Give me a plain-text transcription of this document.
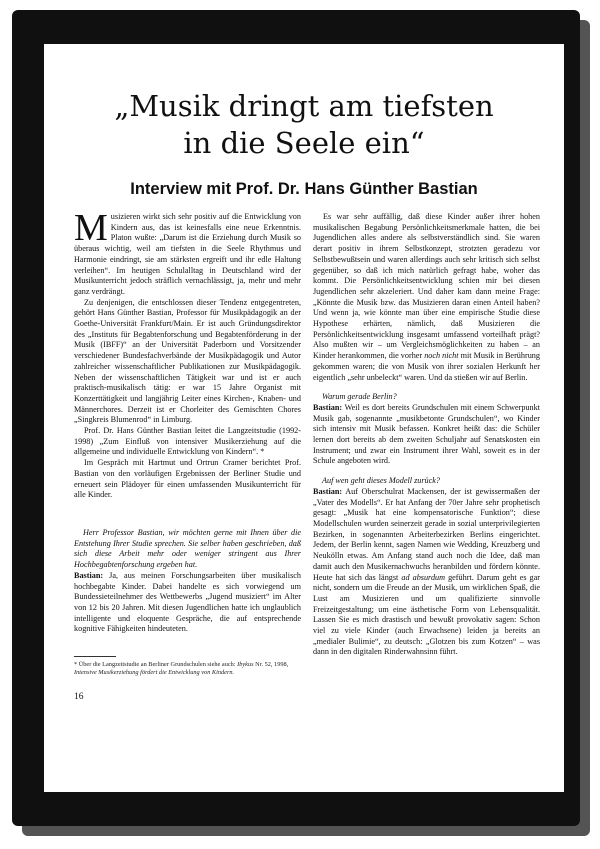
„Musik dringt am tiefsten
in die Seele ein“
Interview mit Prof. Dr. Hans Günther Bastian

Musizieren wirkt sich sehr positiv auf die Entwicklung von Kindern aus, das ist keinesfalls eine neue Erkenntnis. Platon wußte: „Darum ist die Erziehung durch Musik so überaus wichtig, weil am tiefsten in die Seele Rhythmus und Harmonie eindringt, sie am stärksten ergreift und ihr edle Haltung verleihen“. Im heutigen Schulalltag in Deutschland wird der Musikunterricht jedoch sträflich vernachlässigt, ja, mehr und mehr ganz verdrängt.

Zu denjenigen, die entschlossen dieser Tendenz entgegentreten, gehört Hans Günther Bastian, Professor für Musikpädagogik an der Goethe-Universität Frankfurt/Main. Er ist auch Gründungsdirektor des „Instituts für Begabtenforschung und Begabtenförderung in der Musik (IBFF)“ an der Universität Paderborn und Vorsitzender verschiedener Bundesfachverbände der Musikpädagogik und Autor zahlreicher wissenschaftlicher Publikationen zur Musikpädagogik. Neben der wissenschaftlichen Tätigkeit war und ist er auch praktisch-musikalisch tätig: er war 15 Jahre Organist mit Konzerttätigkeit und langjährig Leiter eines Kirchen-, Knaben- und Männerchores. Derzeit ist er Chorleiter des Gemischten Chores „Singkreis Blumenrod“ in Limburg.

Prof. Dr. Hans Günther Bastian leitet die Langzeitstudie (1992-1998) „Zum Einfluß von intensiver Musikerziehung auf die allgemeine und individuelle Entwicklung von Kindern“. *

Im Gespräch mit Hartmut und Ortrun Cramer berichtet Prof. Bastian von den vorläufigen Ergebnissen der Berliner Studie und erneuert sein Plädoyer für einen umfassenden Musikunterricht für alle Kinder.

Herr Professor Bastian, wir möchten gerne mit Ihnen über die Entstehung Ihrer Studie sprechen. Sie selber haben geschrieben, daß sich diese Arbeit mehr oder weniger stringent aus Ihrer Hochbegabtenforschung ergeben hat.

Bastian: Ja, aus meinen Forschungsarbeiten über musikalisch hochbegabte Kinder. Dabei handelte es sich vorwiegend um Bundessieteilnehmer des Wettbewerbs „Jugend musiziert“ im Alter von 12 bis 20 Jahren. Mit diesen Jugendlichen hatte ich unglaublich intelligente und eloquente Gespräche, die auf entsprechende kognitive Fähigkeiten hindeuteten.

Es war sehr auffällig, daß diese Kinder außer ihrer hohen musikalischen Begabung Persönlichkeitsmerkmale hatten, die bei Jugendlichen alles andere als selbstverständlich sind. Sie waren derart positiv in ihrem Selbstkonzept, strotzten geradezu vor Selbstbewußtsein und waren allerdings auch sehr kritisch sich selbst gegenüber, so daß ich mich natürlich gefragt habe, woher das kommt. Die Persönlichkeitsentwicklung schien mir bei diesen Jugendlichen sehr akzeleriert. Und daher kam dann meine Frage: „Könnte die Musik bzw. das Musizieren daran einen Anteil haben? Und wenn ja, wie könnte man über eine empirische Studie diese Hypothese erhärten, nämlich, daß Musizieren die Persönlichkeitsentwicklung insgesamt umfassend vorteilhaft prägt? Also mußten wir – um Vergleichsmöglichkeiten zu haben – an Kinder herankommen, die vorher noch nicht mit Musik in Berührung gekommen waren; die von Musik von ihrer sozialen Herkunft her eigentlich „sehr unbeleckt“ waren. Und da stießen wir auf Berlin.

Warum gerade Berlin?

Bastian: Weil es dort bereits Grundschulen mit einem Schwerpunkt Musik gab, sogenannte „musikbetonte Grundschulen“, wo Kinder sich intensiv mit Musik befassen. Konkret heißt das: die Schüler lernen dort bereits ab dem zweiten Schuljahr auf Senatskosten ein Instrument; und zwar ein Instrument ihrer Wahl, soweit es in der Schule angeboten wird.

Auf wen geht dieses Modell zurück?

Bastian: Auf Oberschulrat Mackensen, der ist gewissermaßen der „Vater des Modells“. Er hat Anfang der 70er Jahre sehr prophetisch gesagt: „Musik hat eine kompensatorische Funktion“; diese Modellschulen wurden seinerzeit gerade in sozial unterprivilegierten Bezirken, in sogenannten Arbeiterbezirken Berlins eingerichtet. Jedem, der Berlin kennt, sagen Namen wie Wedding, Kreuzberg und Neukölln etwas. Am Anfang stand auch noch die Idee, daß man damit auch den Musikernachwuchs heranbilden und fördern könnte. Heute hat sich das längst ad absurdum geführt. Darum geht es gar nicht, sondern um die Freude an der Musik, um wirklichen Spaß, die Lust am Musizieren und um qualifizierte sinnvolle Freizeitgestaltung; um eine ästhetische Form von Lebensqualität. Lassen Sie es mich drastisch und bewußt provokativ sagen: Schon viel zu viele Kinder (auch Erwachsene) leiden ja bereits an „medialer Bulimie“, zu deutsch: „Glotzen bis zum Kotzen“ – was dann in den digitalen Rinderwahnsinn führt.

* Über die Langzeitstudie an Berliner Grundschulen siehe auch: Ibykus Nr. 52, 1998, Intensive Musikerziehung fördert die Entwicklung von Kindern.

16
